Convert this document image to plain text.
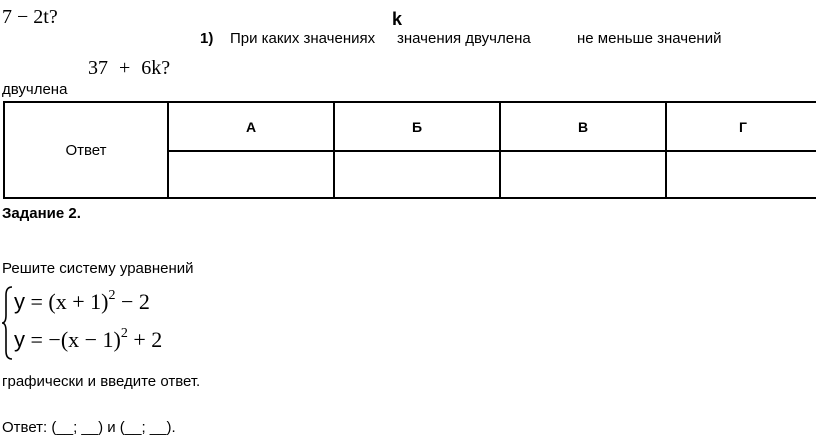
7 − 2t?	k
1) При каких значениях значения двучлена	не меньше значений
37 + 6k?
двучлена
Ответ	А	Б	В	Г

Задание 2.
Решите систему уравнений
$y = (x + 1)^2 - 2$
$y = -(x - 1)^2 + 2$
графически и введите ответ.
Ответ: (__; __) и (__; __).
